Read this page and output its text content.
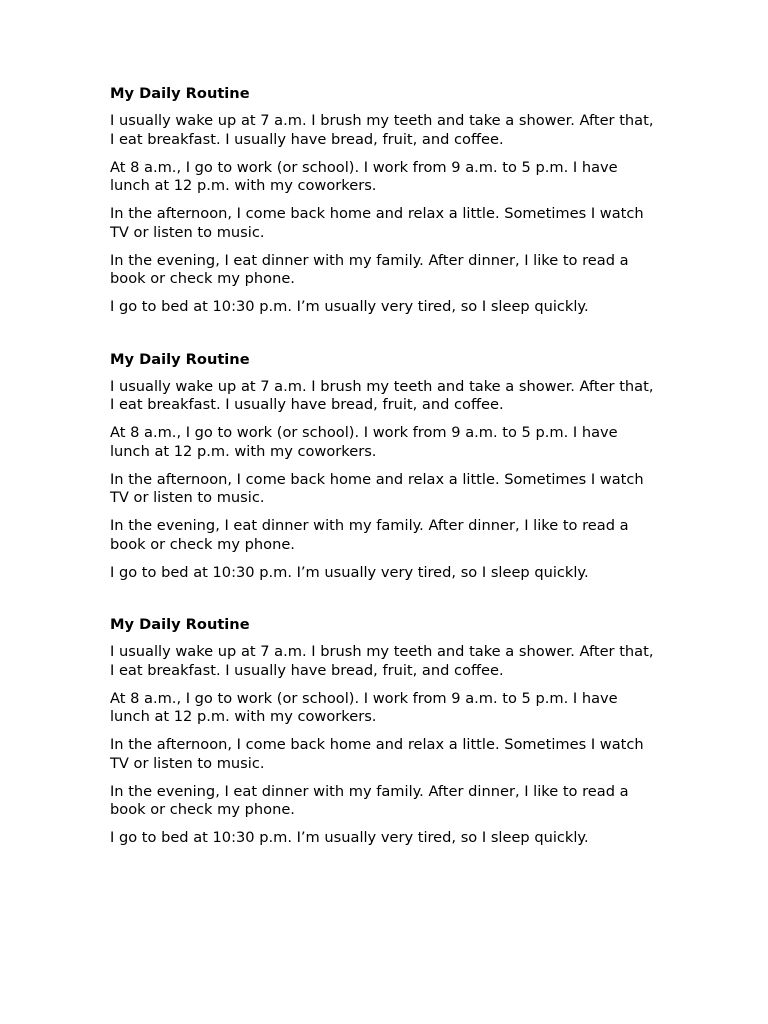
My Daily Routine

I usually wake up at 7 a.m. I brush my teeth and take a shower. After that, I eat breakfast. I usually have bread, fruit, and coffee.

At 8 a.m., I go to work (or school). I work from 9 a.m. to 5 p.m. I have lunch at 12 p.m. with my coworkers.

In the afternoon, I come back home and relax a little. Sometimes I watch TV or listen to music.

In the evening, I eat dinner with my family. After dinner, I like to read a book or check my phone.

I go to bed at 10:30 p.m. I’m usually very tired, so I sleep quickly.

My Daily Routine

I usually wake up at 7 a.m. I brush my teeth and take a shower. After that, I eat breakfast. I usually have bread, fruit, and coffee.

At 8 a.m., I go to work (or school). I work from 9 a.m. to 5 p.m. I have lunch at 12 p.m. with my coworkers.

In the afternoon, I come back home and relax a little. Sometimes I watch TV or listen to music.

In the evening, I eat dinner with my family. After dinner, I like to read a book or check my phone.

I go to bed at 10:30 p.m. I’m usually very tired, so I sleep quickly.

My Daily Routine

I usually wake up at 7 a.m. I brush my teeth and take a shower. After that, I eat breakfast. I usually have bread, fruit, and coffee.

At 8 a.m., I go to work (or school). I work from 9 a.m. to 5 p.m. I have lunch at 12 p.m. with my coworkers.

In the afternoon, I come back home and relax a little. Sometimes I watch TV or listen to music.

In the evening, I eat dinner with my family. After dinner, I like to read a book or check my phone.

I go to bed at 10:30 p.m. I’m usually very tired, so I sleep quickly.
